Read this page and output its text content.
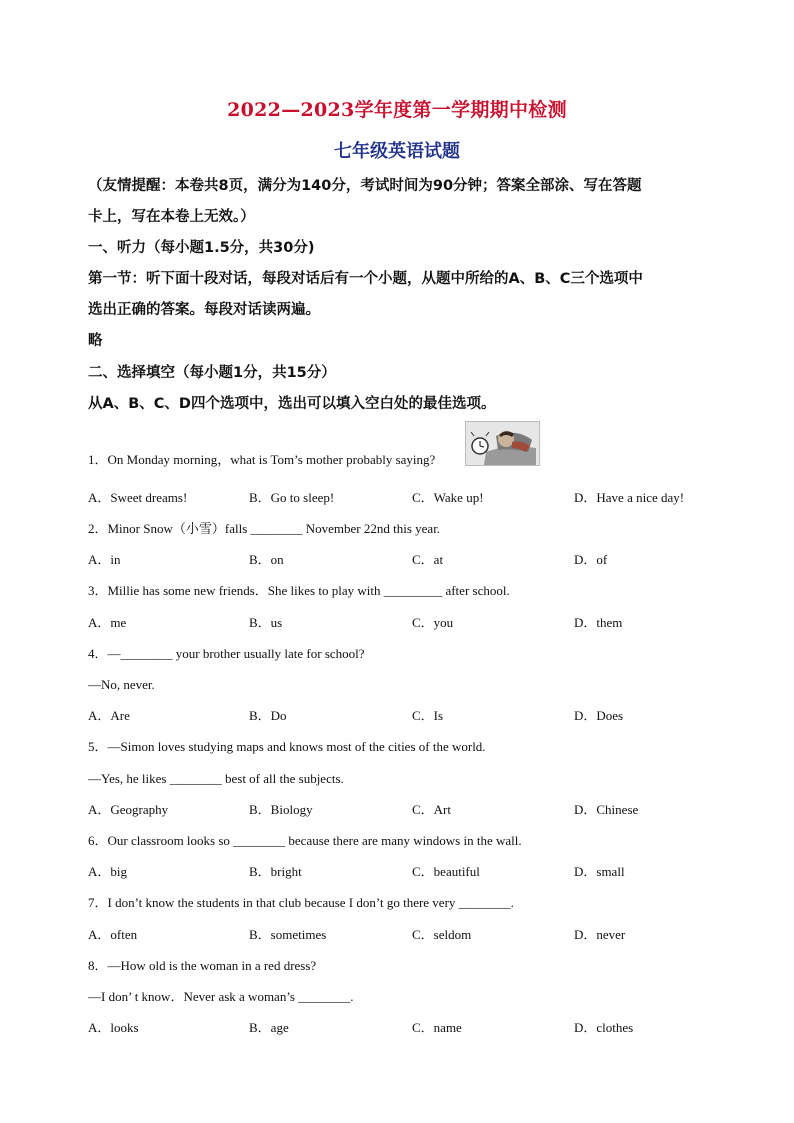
2022—2023学年度第一学期期中检测
七年级英语试题
（友情提醒：本卷共8页，满分为140分，考试时间为90分钟；答案全部涂、写在答题
卡上，写在本卷上无效。）
一、听力（每小题1.5分，共30分)
第一节：听下面十段对话，每段对话后有一个小题，从题中所给的A、B、C三个选项中
选出正确的答案。每段对话读两遍。
略
二、选择填空（每小题1分，共15分）
从A、B、C、D四个选项中，选出可以填入空白处的最佳选项。
1．On Monday morning，what is Tom’s mother probably saying?
A．Sweet dreams!	B．Go to sleep!	C．Wake up!	D．Have a nice day!
2．Minor Snow（小雪）falls ________ November 22nd this year.
A．in	B．on	C．at	D．of
3．Millie has some new friends．She likes to play with _________ after school.
A．me	B．us	C．you	D．them
4．—________ your brother usually late for school?
—No, never.
A．Are	B．Do	C．Is	D．Does
5．—Simon loves studying maps and knows most of the cities of the world.
—Yes, he likes ________ best of all the subjects.
A．Geography	B．Biology	C．Art	D．Chinese
6．Our classroom looks so ________ because there are many windows in the wall.
A．big	B．bright	C．beautiful	D．small
7．I don’t know the students in that club because I don’t go there very ________.
A．often	B．sometimes	C．seldom	D．never
8．—How old is the woman in a red dress?
—I don’ t know．Never ask a woman’s ________.
A．looks	B．age	C．name	D．clothes
